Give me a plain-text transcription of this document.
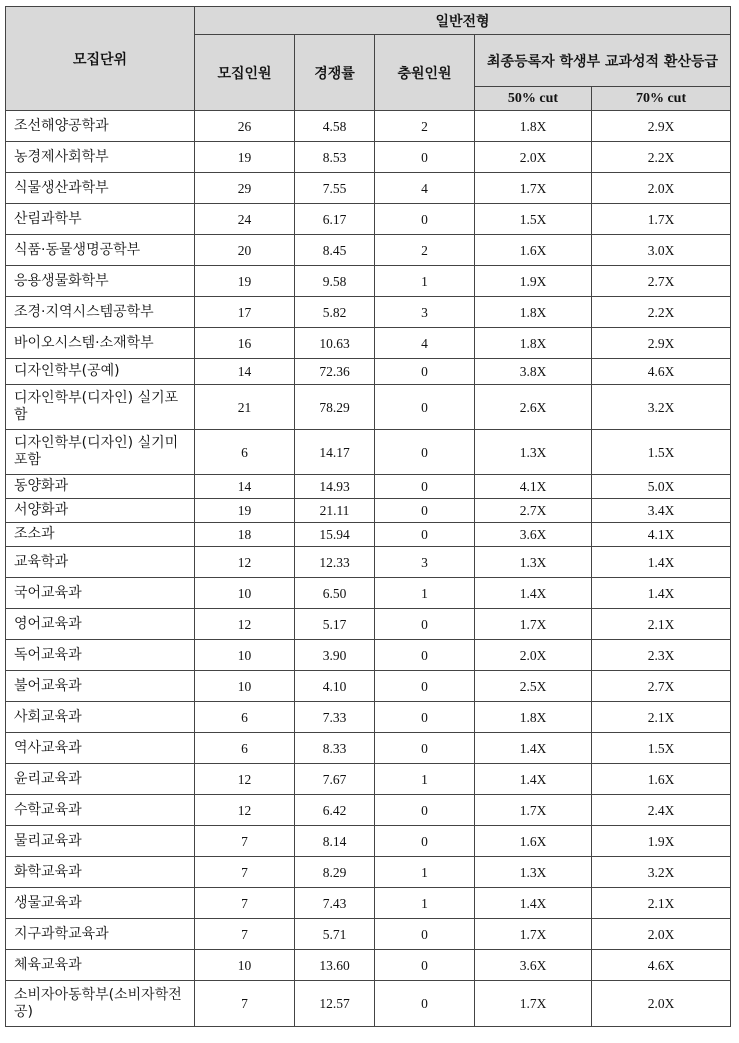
모집단위	일반전형				
	모집인원	경쟁률	충원인원	최종등록자 학생부 교과성적 환산등급	
				50% cut	70% cut
조선해양공학과	26	4.58	2	1.8X	2.9X
농경제사회학부	19	8.53	0	2.0X	2.2X
식물생산과학부	29	7.55	4	1.7X	2.0X
산림과학부	24	6.17	0	1.5X	1.7X
식품·동물생명공학부	20	8.45	2	1.6X	3.0X
응용생물화학부	19	9.58	1	1.9X	2.7X
조경·지역시스템공학부	17	5.82	3	1.8X	2.2X
바이오시스템·소재학부	16	10.63	4	1.8X	2.9X
디자인학부(공예)	14	72.36	0	3.8X	4.6X
디자인학부(디자인) 실기포함	21	78.29	0	2.6X	3.2X
디자인학부(디자인) 실기미포함	6	14.17	0	1.3X	1.5X
동양화과	14	14.93	0	4.1X	5.0X
서양화과	19	21.11	0	2.7X	3.4X
조소과	18	15.94	0	3.6X	4.1X
교육학과	12	12.33	3	1.3X	1.4X
국어교육과	10	6.50	1	1.4X	1.4X
영어교육과	12	5.17	0	1.7X	2.1X
독어교육과	10	3.90	0	2.0X	2.3X
불어교육과	10	4.10	0	2.5X	2.7X
사회교육과	6	7.33	0	1.8X	2.1X
역사교육과	6	8.33	0	1.4X	1.5X
윤리교육과	12	7.67	1	1.4X	1.6X
수학교육과	12	6.42	0	1.7X	2.4X
물리교육과	7	8.14	0	1.6X	1.9X
화학교육과	7	8.29	1	1.3X	3.2X
생물교육과	7	7.43	1	1.4X	2.1X
지구과학교육과	7	5.71	0	1.7X	2.0X
체육교육과	10	13.60	0	3.6X	4.6X
소비자아동학부(소비자학전공)	7	12.57	0	1.7X	2.0X
